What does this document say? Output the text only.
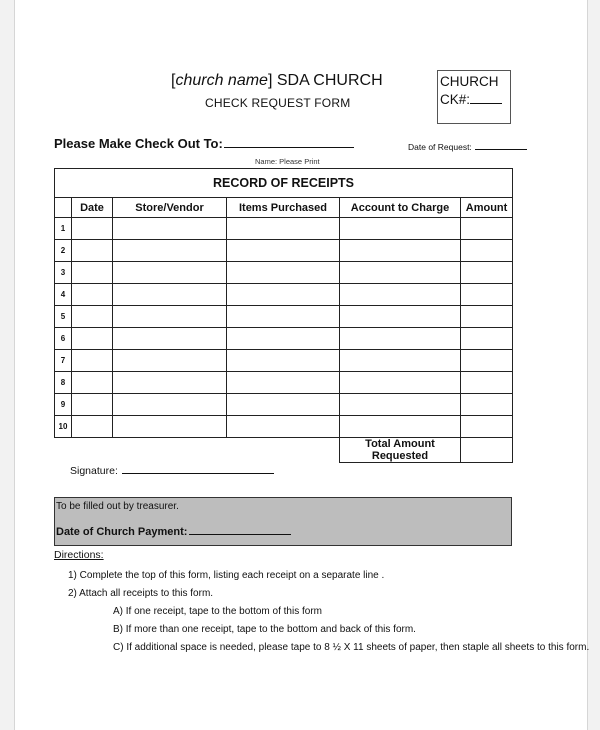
[church name] SDA CHURCH
CHECK REQUEST FORM
CHURCH
CK#:
Please Make Check Out To:	Date of Request:
Name: Please Print
RECORD OF RECEIPTS					
	Date	Store/Vendor	Items Purchased	Account to Charge	Amount
1					
2					
3					
4					
5					
6					
7					
8					
9					
10					
				Total Amount Requested	
Signature:
To be filled out by treasurer.
Date of Church Payment:
Directions:
1) Complete the top of this form, listing each receipt on a separate line .
2) Attach all receipts to this form.
A) If one receipt, tape to the bottom of this form
B) If more than one receipt, tape to the bottom and back of this form.
C) If additional space is needed, please tape to 8 ½ X 11 sheets of paper, then staple all sheets to this form.
